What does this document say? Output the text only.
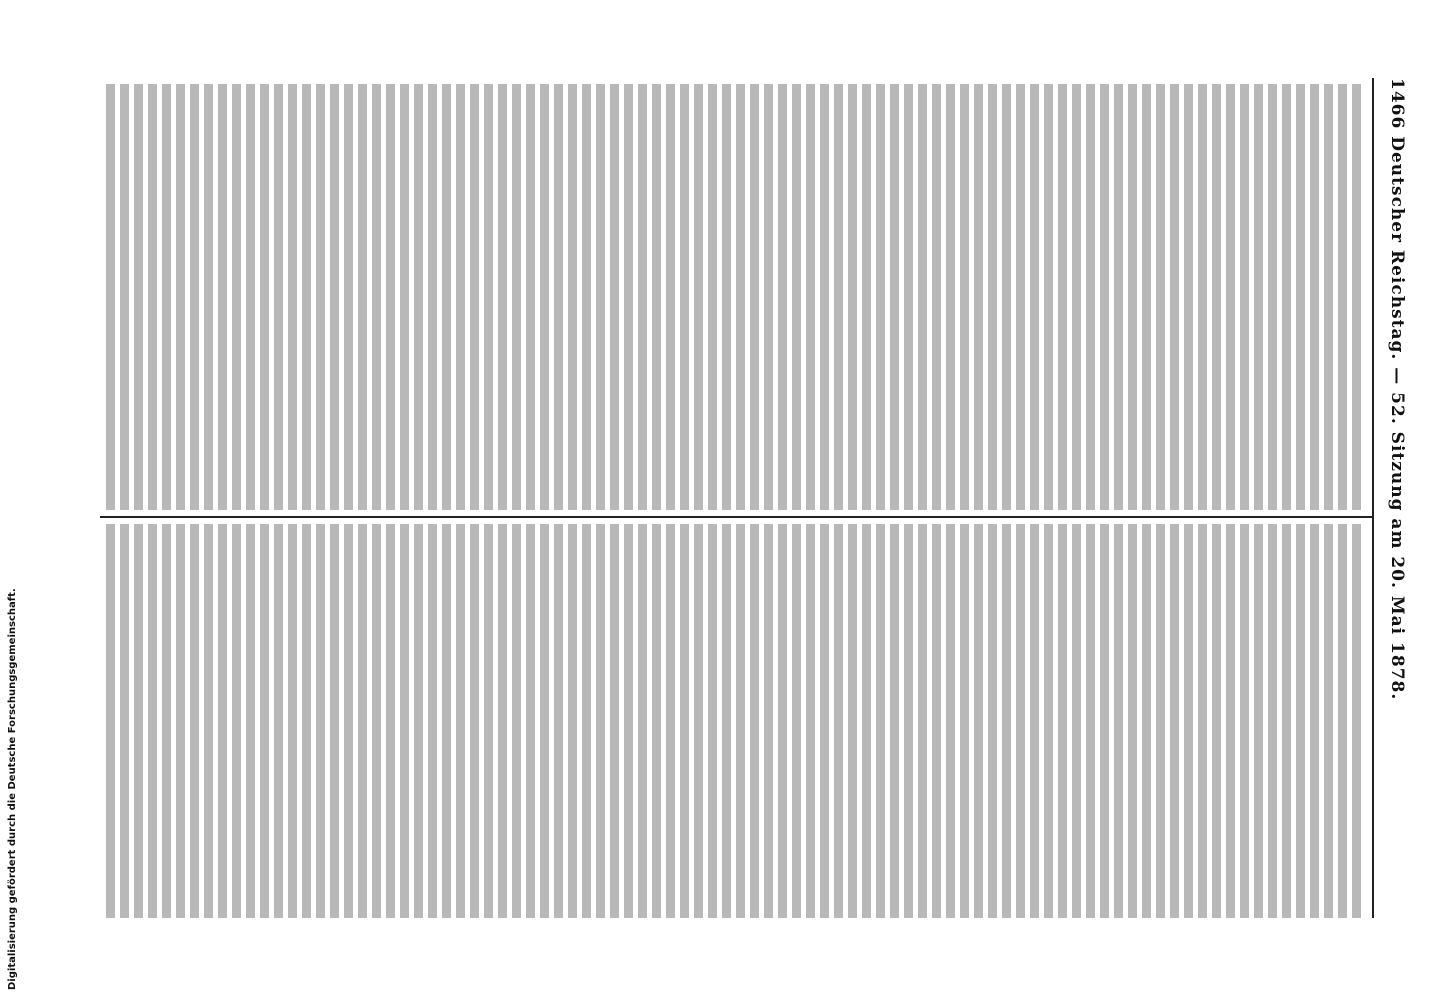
1466 Deutscher Reichstag. — 52. Sitzung am 20. Mai 1878.
Digitalisierung gefördert durch die Deutsche Forschungsgemeinschaft.
